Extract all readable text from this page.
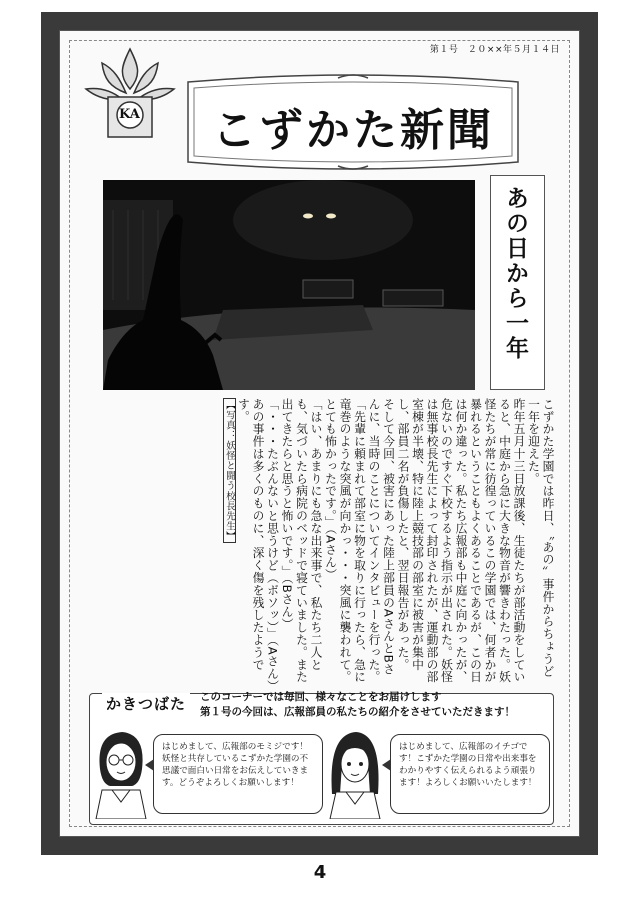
第１号　２０××年５月１４日
KA	こずかた新聞
あの日から一年

こずかた学園では昨日、〝あの〟事件からちょうど一年を迎えた。

昨年五月十三日放課後、生徒たちが部活動をしていると、中庭から急に大きな物音が響きわたった。妖怪たちが常に彷徨っているこの学園では、何者かが暴れるということもよくあることであるが、この日は何か違った。私たち広報部も中庭に向かったが、危ないのですぐ下校するよう指示が出された。妖怪は無事校長先生によって封印されたが、運動部の部室棟が半壊、特に陸上競技部の部室に被害が集中し、部員二名が負傷したと、翌日報告があった。

そして今回、被害にあった陸上部員のAさんとBさんに、当時のことについてインタビューを行った。

「先輩に頼まれて部室に物を取りに行ったら、急に竜巻のような突風が向かっ・・・突風に襲われて。とても怖かったです。」（Aさん）

「はい、あまりにも急な出来事で、私たち二人とも、気づいたら病院のベッドで寝ていました。また出てきたらと思うと怖いです。」（Bさん）

「・・・たぶんないと思うけど（ボソッ）」（Aさん）

あの事件は多くのものに、深く傷を残したようです。

【写真：妖怪と闘う校長先生】

かきつばた	このコーナーでは毎回、様々なことをお届けします
第１号の今回は、広報部員の私たちの紹介をさせていただきます！
はじめまして、広報部のモミジです！妖怪と共存しているこずかた学園の不思議で面白い日常をお伝えしていきます。どうぞよろしくお願いします！
はじめまして、広報部のイチゴです！こずかた学園の日常や出来事をわかりやすく伝えられるよう頑張ります！よろしくお願いいたします！
4
